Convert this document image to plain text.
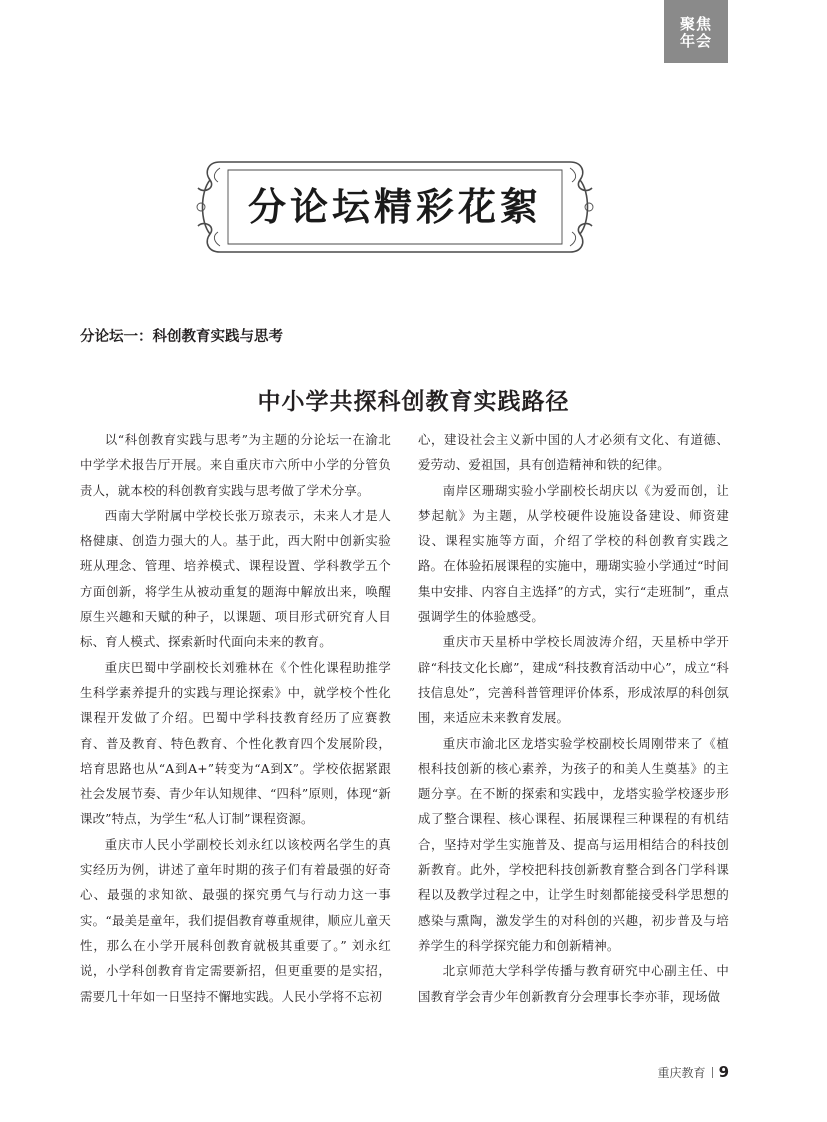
聚焦
年会
分论坛精彩花絮
分论坛一：科创教育实践与思考
中小学共探科创教育实践路径

以“科创教育实践与思考”为主题的分论坛一在渝北中学学术报告厅开展。来自重庆市六所中小学的分管负责人，就本校的科创教育实践与思考做了学术分享。

西南大学附属中学校长张万琼表示，未来人才是人格健康、创造力强大的人。基于此，西大附中创新实验班从理念、管理、培养模式、课程设置、学科教学五个方面创新，将学生从被动重复的题海中解放出来，唤醒原生兴趣和天赋的种子，以课题、项目形式研究育人目标、育人模式、探索新时代面向未来的教育。

重庆巴蜀中学副校长刘雅林在《个性化课程助推学生科学素养提升的实践与理论探索》中，就学校个性化课程开发做了介绍。巴蜀中学科技教育经历了应赛教育、普及教育、特色教育、个性化教育四个发展阶段，培育思路也从“A到A+”转变为“A到X”。学校依据紧跟社会发展节奏、青少年认知规律、“四科”原则，体现“新课改”特点，为学生“私人订制”课程资源。

重庆市人民小学副校长刘永红以该校两名学生的真实经历为例，讲述了童年时期的孩子们有着最强的好奇心、最强的求知欲、最强的探究勇气与行动力这一事实。“最美是童年，我们提倡教育尊重规律，顺应儿童天性，那么在小学开展科创教育就极其重要了。” 刘永红说，小学科创教育肯定需要新招，但更重要的是实招，需要几十年如一日坚持不懈地实践。人民小学将不忘初

心，建设社会主义新中国的人才必须有文化、有道德、爱劳动、爱祖国，具有创造精神和铁的纪律。

南岸区珊瑚实验小学副校长胡庆以《为爱而创，让梦起航》为主题，从学校硬件设施设备建设、师资建设、课程实施等方面，介绍了学校的科创教育实践之路。在体验拓展课程的实施中，珊瑚实验小学通过“时间集中安排、内容自主选择”的方式，实行“走班制”，重点强调学生的体验感受。

重庆市天星桥中学校长周波涛介绍，天星桥中学开辟“科技文化长廊”，建成“科技教育活动中心”，成立“科技信息处”，完善科普管理评价体系，形成浓厚的科创氛围，来适应未来教育发展。

重庆市渝北区龙塔实验学校副校长周刚带来了《植根科技创新的核心素养，为孩子的和美人生奠基》的主题分享。在不断的探索和实践中，龙塔实验学校逐步形成了整合课程、核心课程、拓展课程三种课程的有机结合，坚持对学生实施普及、提高与运用相结合的科技创新教育。此外，学校把科技创新教育整合到各门学科课程以及教学过程之中，让学生时刻都能接受科学思想的感染与熏陶，激发学生的对科创的兴趣，初步普及与培养学生的科学探究能力和创新精神。

北京师范大学科学传播与教育研究中心副主任、中国教育学会青少年创新教育分会理事长李亦菲，现场做

重庆教育 9
